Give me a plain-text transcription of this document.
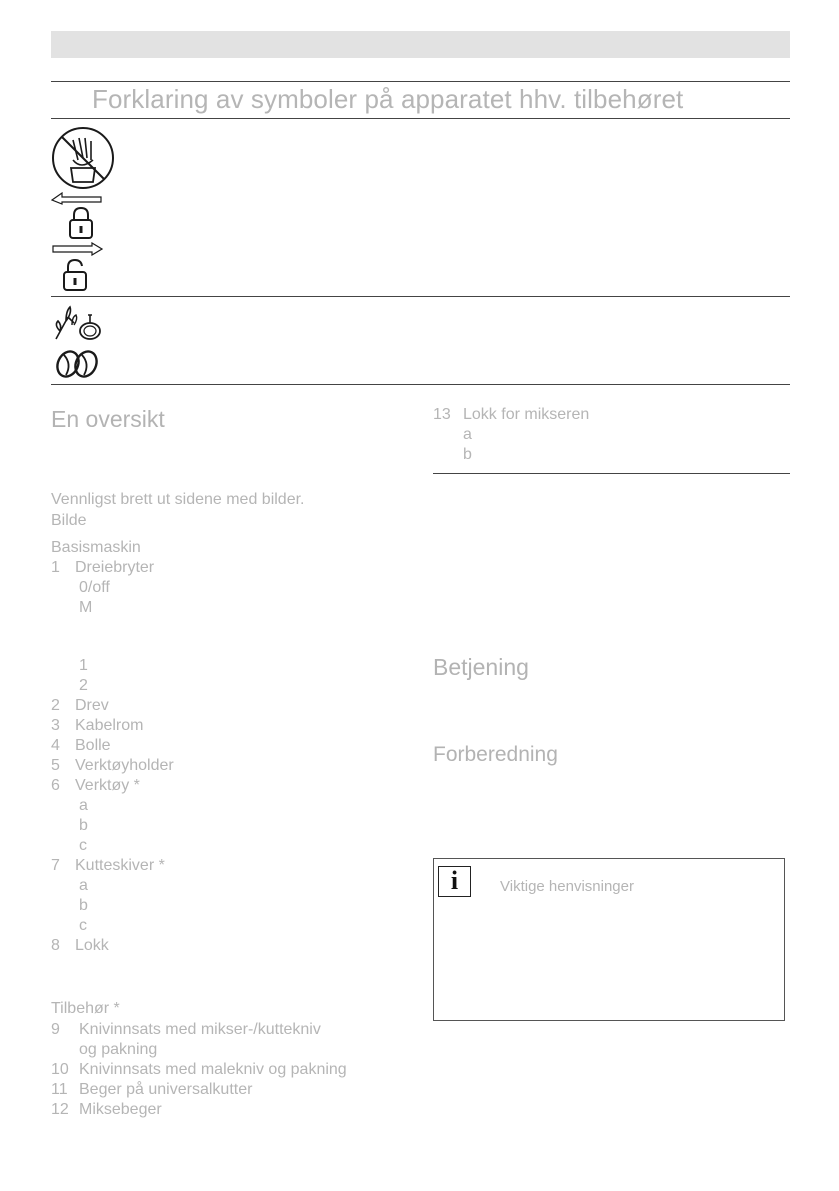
Forklaring av symboler på apparatet hhv. tilbehøret
En oversikt
Vennligst brett ut sidene med bilder.
Bilde
Basismaskin
1 Dreiebryter
0/off
M
1
2
2 Drev
3 Kabelrom
4 Bolle
5 Verktøyholder
6 Verktøy *
a
b
c
7 Kutteskiver *
a
b
c
8 Lokk
Tilbehør *
9 Knivinnsats med mikser-/kuttekniv
og pakning
10 Knivinnsats med malekniv og pakning
11 Beger på universalkutter
12 Miksebeger
13 Lokk for mikseren
a
b
Betjening
Forberedning
i	Viktige henvisninger
